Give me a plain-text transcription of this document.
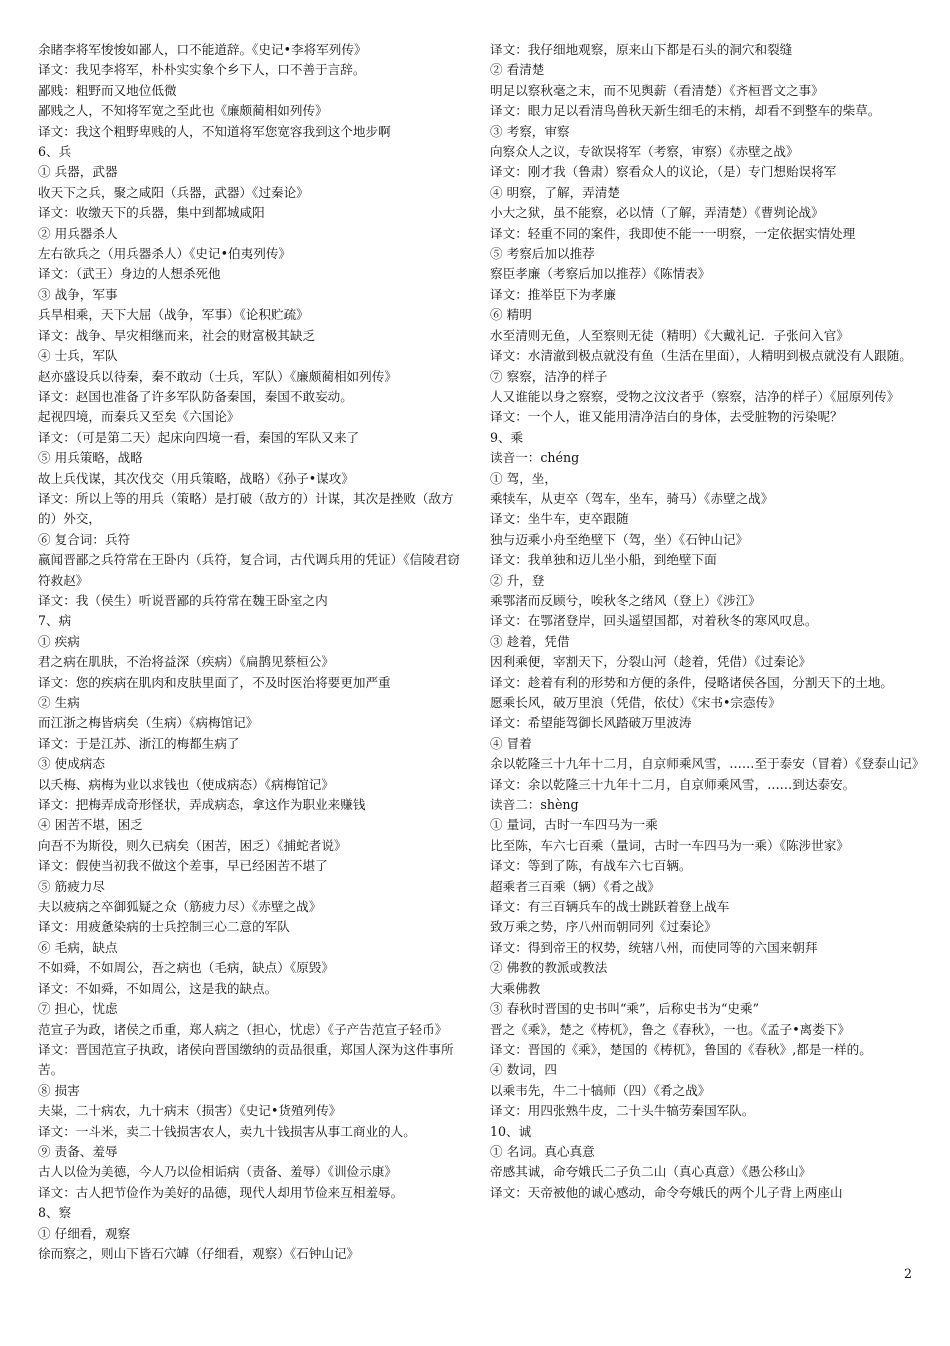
余睹李将军悛悛如鄙人，口不能道辞。《史记•李将军列传》

译文：我见李将军，朴朴实实象个乡下人，口不善于言辞。

鄙贱：粗野而又地位低微

鄙贱之人，不知将军宽之至此也《廉颇蔺相如列传》

译文：我这个粗野卑贱的人，不知道将军您宽容我到这个地步啊

6、兵

① 兵器，武器

收天下之兵，聚之咸阳（兵器，武器）《过秦论》

译文：收缴天下的兵器，集中到都城咸阳

② 用兵器杀人

左右欲兵之（用兵器杀人）《史记•伯夷列传》

译文：（武王）身边的人想杀死他

③ 战争，军事

兵旱相乘，天下大屈（战争，军事）《论积贮疏》

译文：战争、旱灾相继而来，社会的财富极其缺乏

④ 士兵，军队

赵亦盛设兵以待秦，秦不敢动（士兵，军队）《廉颇蔺相如列传》

译文：赵国也准备了许多军队防备秦国，秦国不敢妄动。

起视四境，而秦兵又至矣《六国论》

译文：（可是第二天）起床向四境一看，秦国的军队又来了

⑤ 用兵策略，战略

故上兵伐谋，其次伐交（用兵策略，战略）《孙子•谋攻》

译文：所以上等的用兵（策略）是打破（敌方的）计谋，其次是挫败（敌方的）外交，

⑥ 复合词：兵符

嬴闻晋鄙之兵符常在王卧内（兵符，复合词，古代调兵用的凭证）《信陵君窃符救赵》

译文：我（侯生）听说晋鄙的兵符常在魏王卧室之内

7、病

① 疾病

君之病在肌肤，不治将益深（疾病）《扁鹊见蔡桓公》

译文：您的疾病在肌肉和皮肤里面了，不及时医治将要更加严重

② 生病

而江浙之梅皆病矣（生病）《病梅馆记》

译文：于是江苏、浙江的梅都生病了

③ 使成病态

以夭梅、病梅为业以求钱也（使成病态）《病梅馆记》

译文：把梅弄成奇形怪状，弄成病态，拿这作为职业来赚钱

④ 困苦不堪，困乏

向吾不为斯役，则久已病矣（困苦，困乏）《捕蛇者说》

译文：假使当初我不做这个差事，早已经困苦不堪了

⑤ 筋疲力尽

夫以疲病之卒御狐疑之众（筋疲力尽）《赤壁之战》

译文：用疲惫染病的士兵控制三心二意的军队

⑥ 毛病，缺点

不如舜，不如周公，吾之病也（毛病，缺点）《原毁》

译文：不如舜，不如周公，这是我的缺点。

⑦ 担心，忧虑

范宣子为政，诸侯之币重，郑人病之（担心，忧虑）《子产告范宣子轻币》

译文：晋国范宣子执政，诸侯向晋国缴纳的贡品很重，郑国人深为这件事所苦。

⑧ 损害

夫粜，二十病农，九十病末（损害）《史记•货殖列传》

译文：一斗米，卖二十钱损害农人，卖九十钱损害从事工商业的人。

⑨ 责备、羞辱

古人以俭为美德，今人乃以俭相诟病（责备、羞辱）《训俭示康》

译文：古人把节俭作为美好的品德，现代人却用节俭来互相羞辱。

8、察

① 仔细看，观察

徐而察之，则山下皆石穴罅（仔细看，观察）《石钟山记》

译文：我仔细地观察，原来山下都是石头的洞穴和裂缝

② 看清楚

明足以察秋毫之末，而不见舆薪（看清楚）《齐桓晋文之事》

译文：眼力足以看清鸟兽秋天新生细毛的末梢，却看不到整车的柴草。

③ 考察，审察

向察众人之议，专欲误将军（考察，审察）《赤壁之战》

译文：刚才我（鲁肃）察看众人的议论，（是）专门想贻误将军

④ 明察，了解，弄清楚

小大之狱，虽不能察，必以情（了解，弄清楚）《曹刿论战》

译文：轻重不同的案件，我即使不能一一明察，一定依据实情处理

⑤ 考察后加以推荐

察臣孝廉（考察后加以推荐）《陈情表》

译文：推举臣下为孝廉

⑥ 精明

水至清则无鱼，人至察则无徒（精明）《大戴礼记．子张问入官》

译文：水清澈到极点就没有鱼（生活在里面），人精明到极点就没有人跟随。

⑦ 察察，洁净的样子

人又谁能以身之察察，受物之汶汶者乎（察察，洁净的样子）《屈原列传》

译文：一个人，谁又能用清净洁白的身体，去受脏物的污染呢？

9、乘

读音一：chéng

① 驾，坐，

乘犊车，从吏卒（驾车，坐车，骑马）《赤壁之战》

译文：坐牛车，吏卒跟随

独与迈乘小舟至绝壁下（驾，坐）《石钟山记》

译文：我单独和迈儿坐小船，到绝壁下面

② 升，登

乘鄂渚而反顾兮，唉秋冬之绪风（登上）《涉江》

译文：在鄂渚登岸，回头遥望国都，对着秋冬的寒风叹息。

③ 趁着，凭借

因利乘便，宰割天下，分裂山河（趁着，凭借）《过秦论》

译文：趁着有利的形势和方便的条件，侵略诸侯各国，分割天下的土地。

愿乘长风，破万里浪（凭借，依仗）《宋书•宗悫传》

译文：希望能驾御长风踏破万里波涛

④ 冒着

余以乾隆三十九年十二月，自京师乘风雪，……至于泰安（冒着）《登泰山记》

译文：余以乾隆三十九年十二月，自京师乘风雪，……到达泰安。

读音二：shèng

① 量词，古时一车四马为一乘

比至陈，车六七百乘（量词，古时一车四马为一乘）《陈涉世家》

译文：等到了陈，有战车六七百辆。

超乘者三百乘（辆）《肴之战》

译文：有三百辆兵车的战士跳跃着登上战车

致万乘之势，序八州而朝同列《过秦论》

译文：得到帝王的权势，统辖八州，而使同等的六国来朝拜

② 佛教的教派或教法

大乘佛教

③ 春秋时晋国的史书叫“乘”，后称史书为“史乘”

晋之《乘》，楚之《梼杌》，鲁之《春秋》，一也。《孟子•离娄下》

译文：晋国的《乘》，楚国的《梼杌》，鲁国的《春秋》,都是一样的。

④ 数词，四

以乘韦先，牛二十犒师（四）《肴之战》

译文：用四张熟牛皮，二十头牛犒劳秦国军队。

10、诚

① 名词。真心真意

帝感其诚，命夸娥氏二子负二山（真心真意）《愚公移山》

译文：天帝被他的诚心感动，命令夸娥氏的两个儿子背上两座山

2
